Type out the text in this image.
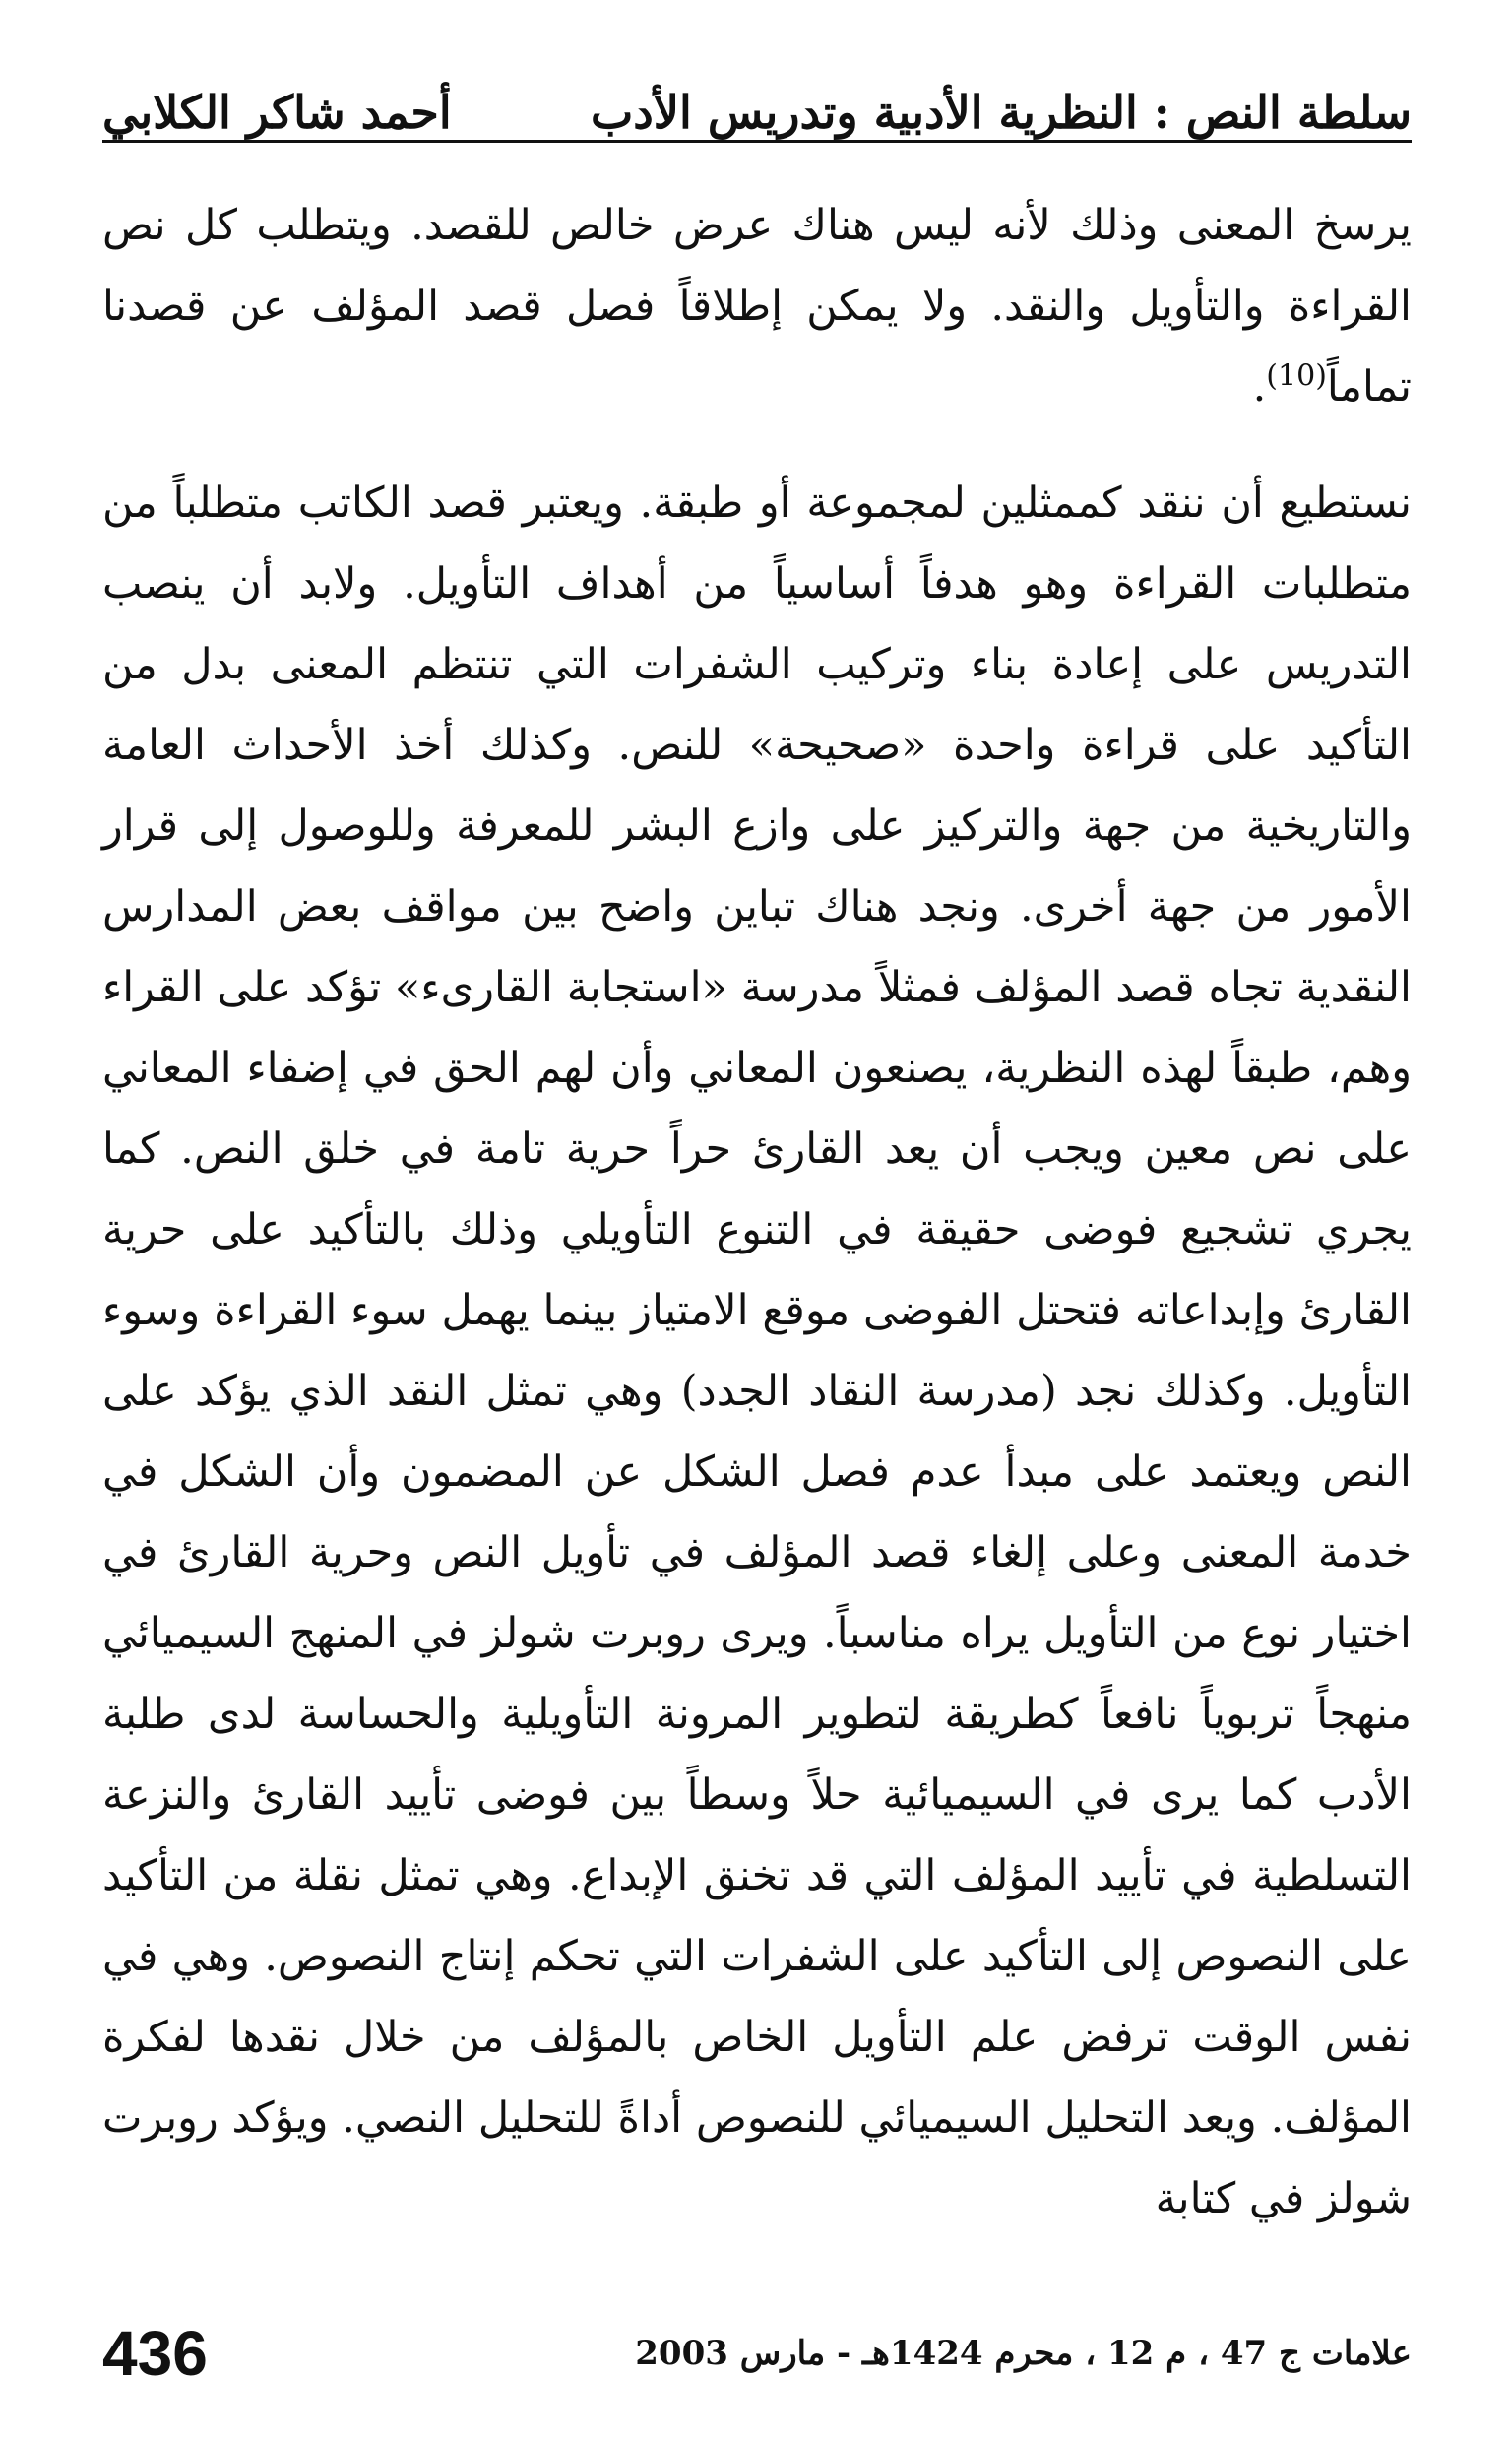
سلطة النص : النظرية الأدبية وتدريس الأدب
أحمد شاكر الكلابي

يرسخ المعنى وذلك لأنه ليس هناك عرض خالص للقصد. ويتطلب كل نص القراءة والتأويل والنقد. ولا يمكن إطلاقاً فصل قصد المؤلف عن قصدنا تماماً$^{(10)}$.

نستطيع أن ننقد كممثلين لمجموعة أو طبقة. ويعتبر قصد الكاتب متطلباً من متطلبات القراءة وهو هدفاً أساسياً من أهداف التأويل. ولابد أن ينصب التدريس على إعادة بناء وتركيب الشفرات التي تنتظم المعنى بدل من التأكيد على قراءة واحدة «صحيحة» للنص. وكذلك أخذ الأحداث العامة والتاريخية من جهة والتركيز على وازع البشر للمعرفة وللوصول إلى قرار الأمور من جهة أخرى. ونجد هناك تباين واضح بين مواقف بعض المدارس النقدية تجاه قصد المؤلف فمثلاً مدرسة «استجابة القارىء» تؤكد على القراء وهم، طبقاً لهذه النظرية، يصنعون المعاني وأن لهم الحق في إضفاء المعاني على نص معين ويجب أن يعد القارئ حراً حرية تامة في خلق النص. كما يجري تشجيع فوضى حقيقة في التنوع التأويلي وذلك بالتأكيد على حرية القارئ وإبداعاته فتحتل الفوضى موقع الامتياز بينما يهمل سوء القراءة وسوء التأويل. وكذلك نجد (مدرسة النقاد الجدد) وهي تمثل النقد الذي يؤكد على النص ويعتمد على مبدأ عدم فصل الشكل عن المضمون وأن الشكل في خدمة المعنى وعلى إلغاء قصد المؤلف في تأويل النص وحرية القارئ في اختيار نوع من التأويل يراه مناسباً. ويرى روبرت شولز في المنهج السيميائي منهجاً تربوياً نافعاً كطريقة لتطوير المرونة التأويلية والحساسة لدى طلبة الأدب كما يرى في السيميائية حلاً وسطاً بين فوضى تأييد القارئ والنزعة التسلطية في تأييد المؤلف التي قد تخنق الإبداع. وهي تمثل نقلة من التأكيد على النصوص إلى التأكيد على الشفرات التي تحكم إنتاج النصوص. وهي في نفس الوقت ترفض علم التأويل الخاص بالمؤلف من خلال نقدها لفكرة المؤلف. ويعد التحليل السيميائي للنصوص أداةً للتحليل النصي. ويؤكد روبرت شولز في كتابة

علامات ج 47 ، م 12 ، محرم 1424هـ - مارس 2003
436
